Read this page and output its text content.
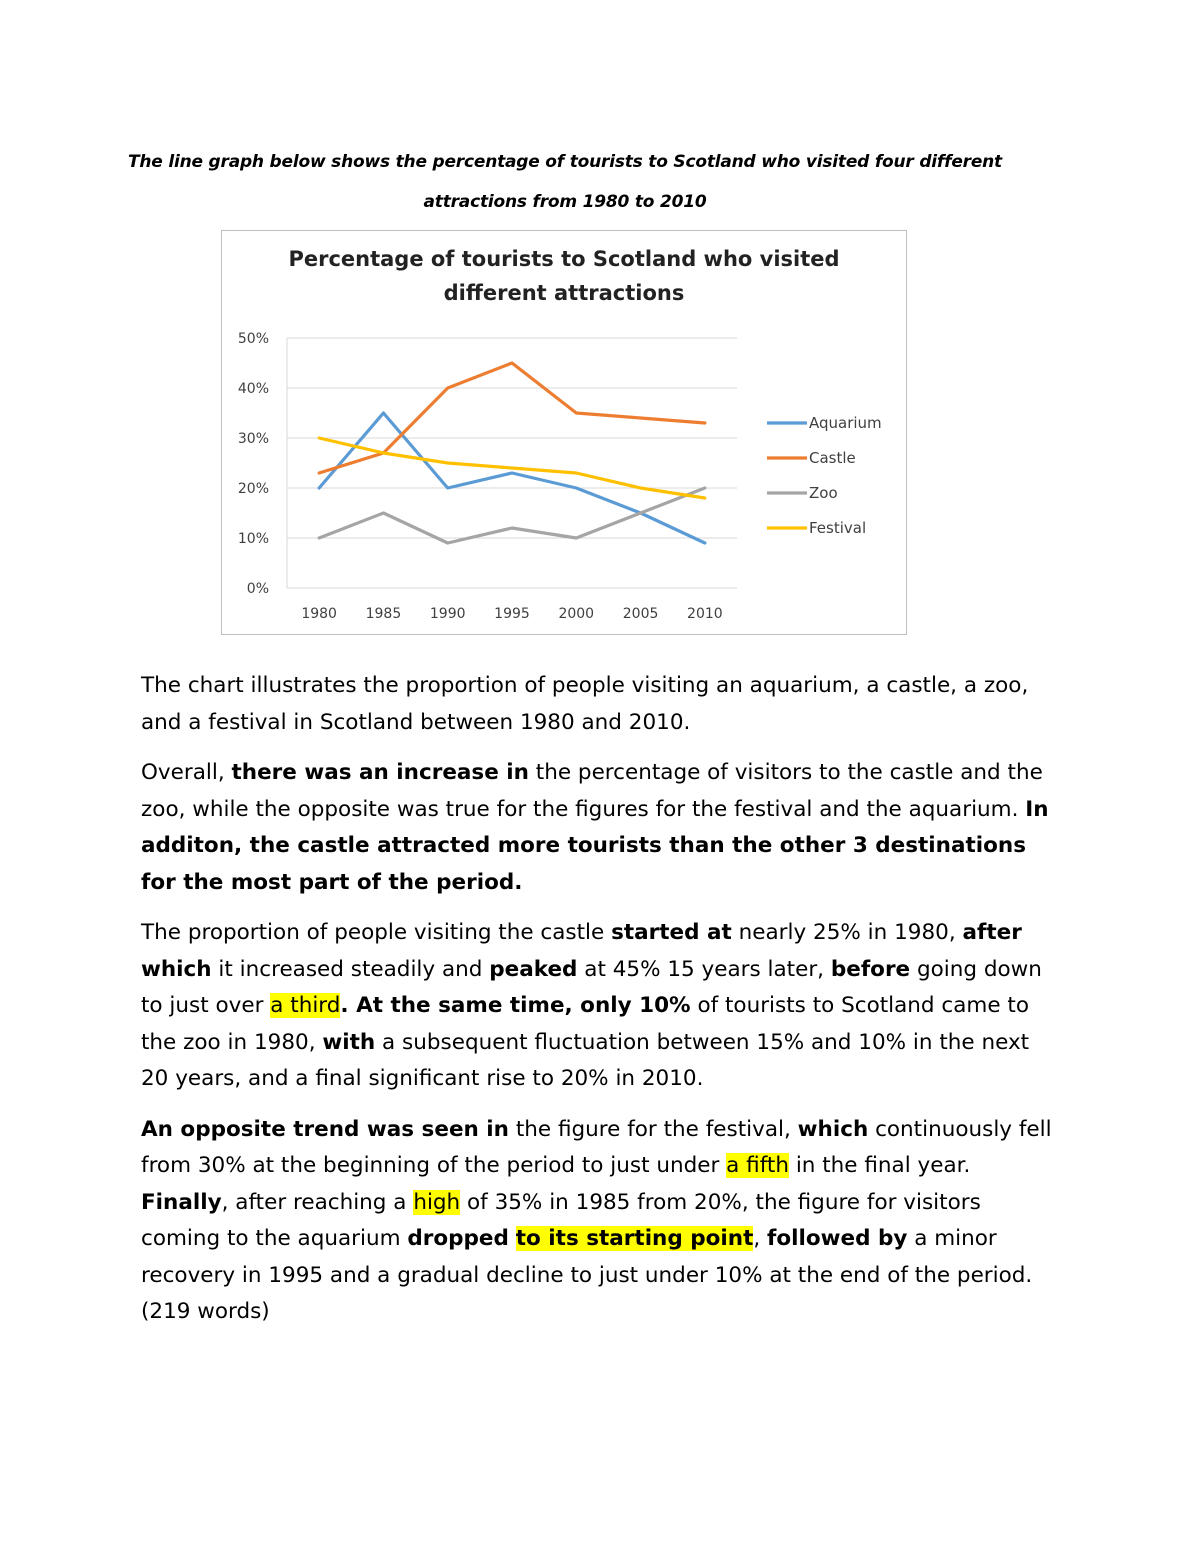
The line graph below shows the percentage of tourists to Scotland who visited four different
attractions from 1980 to 2010
Percentage of tourists to Scotland who visited
different attractions
0%
10%
20%
30%
40%
50%
1980 1985 1990 1995 2000 2005 2010
Aquarium
Castle
Zoo
Festival

The chart illustrates the proportion of people visiting an aquarium, a castle, a zoo, and a festival in Scotland between 1980 and 2010.

Overall, there was an increase in the percentage of visitors to the castle and the zoo, while the opposite was true for the figures for the festival and the aquarium. In additon, the castle attracted more tourists than the other 3 destinations for the most part of the period.

The proportion of people visiting the castle started at nearly 25% in 1980, after which it increased steadily and peaked at 45% 15 years later, before going down to just over a third. At the same time, only 10% of tourists to Scotland came to the zoo in 1980, with a subsequent fluctuation between 15% and 10% in the next 20 years, and a final significant rise to 20% in 2010.

An opposite trend was seen in the figure for the festival, which continuously fell from 30% at the beginning of the period to just under a fifth in the final year. Finally, after reaching a high of 35% in 1985 from 20%, the figure for visitors coming to the aquarium dropped to its starting point, followed by a minor recovery in 1995 and a gradual decline to just under 10% at the end of the period. (219 words)
